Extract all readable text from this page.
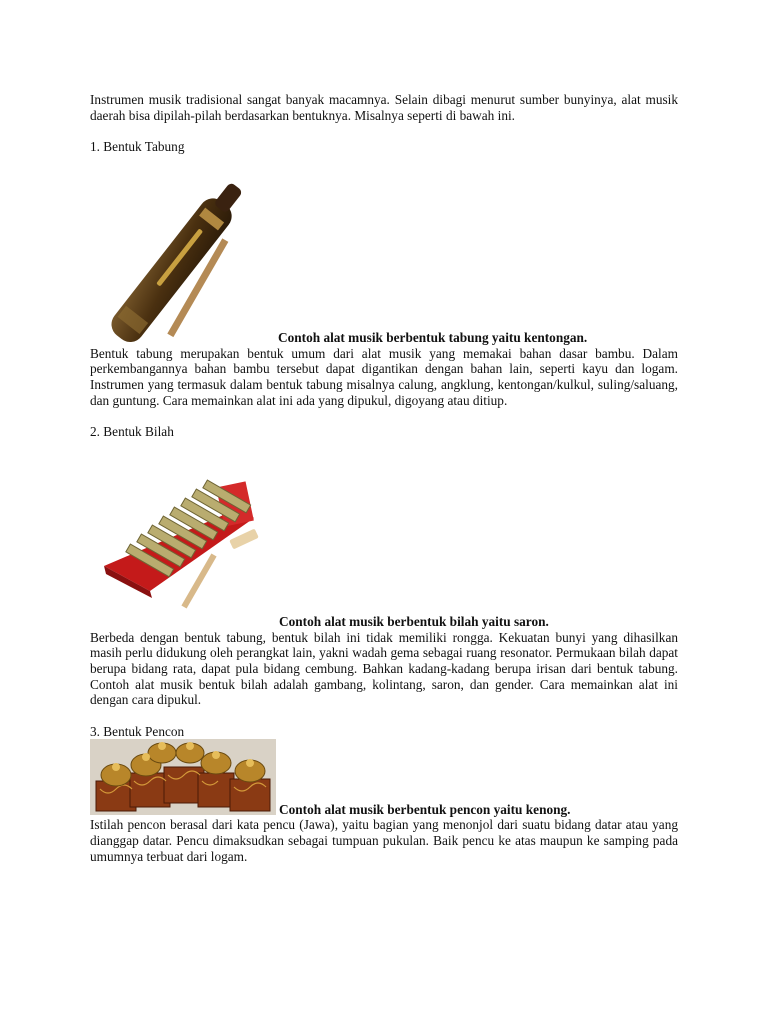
Instrumen musik tradisional sangat banyak macamnya. Selain dibagi menurut sumber bunyinya, alat musik daerah bisa dipilah-pilah berdasarkan bentuknya. Misalnya seperti di bawah ini.

1. Bentuk Tabung

Contoh alat musik berbentuk tabung yaitu kentongan.

Bentuk tabung merupakan bentuk umum dari alat musik yang memakai bahan dasar bambu. Dalam perkembangannya bahan bambu tersebut dapat digantikan dengan bahan lain, seperti kayu dan logam. Instrumen yang termasuk dalam bentuk tabung misalnya calung, angklung, kentongan/kulkul, suling/saluang, dan guntung. Cara memainkan alat ini ada yang dipukul, digoyang atau ditiup.

2. Bentuk Bilah

Contoh alat musik berbentuk bilah yaitu saron.

Berbeda dengan bentuk tabung, bentuk bilah ini tidak memiliki rongga. Kekuatan bunyi yang dihasilkan masih perlu didukung oleh perangkat lain, yakni wadah gema sebagai ruang resonator. Permukaan bilah dapat berupa bidang rata, dapat pula bidang cembung. Bahkan kadang-kadang berupa irisan dari bentuk tabung. Contoh alat musik bentuk bilah adalah gambang, kolintang, saron, dan gender. Cara memainkan alat ini dengan cara dipukul.

3. Bentuk Pencon

Contoh alat musik berbentuk pencon yaitu kenong.

Istilah pencon berasal dari kata pencu (Jawa), yaitu bagian yang menonjol dari suatu bidang datar atau yang dianggap datar. Pencu dimaksudkan sebagai tumpuan pukulan. Baik pencu ke atas maupun ke samping pada umumnya terbuat dari logam.
